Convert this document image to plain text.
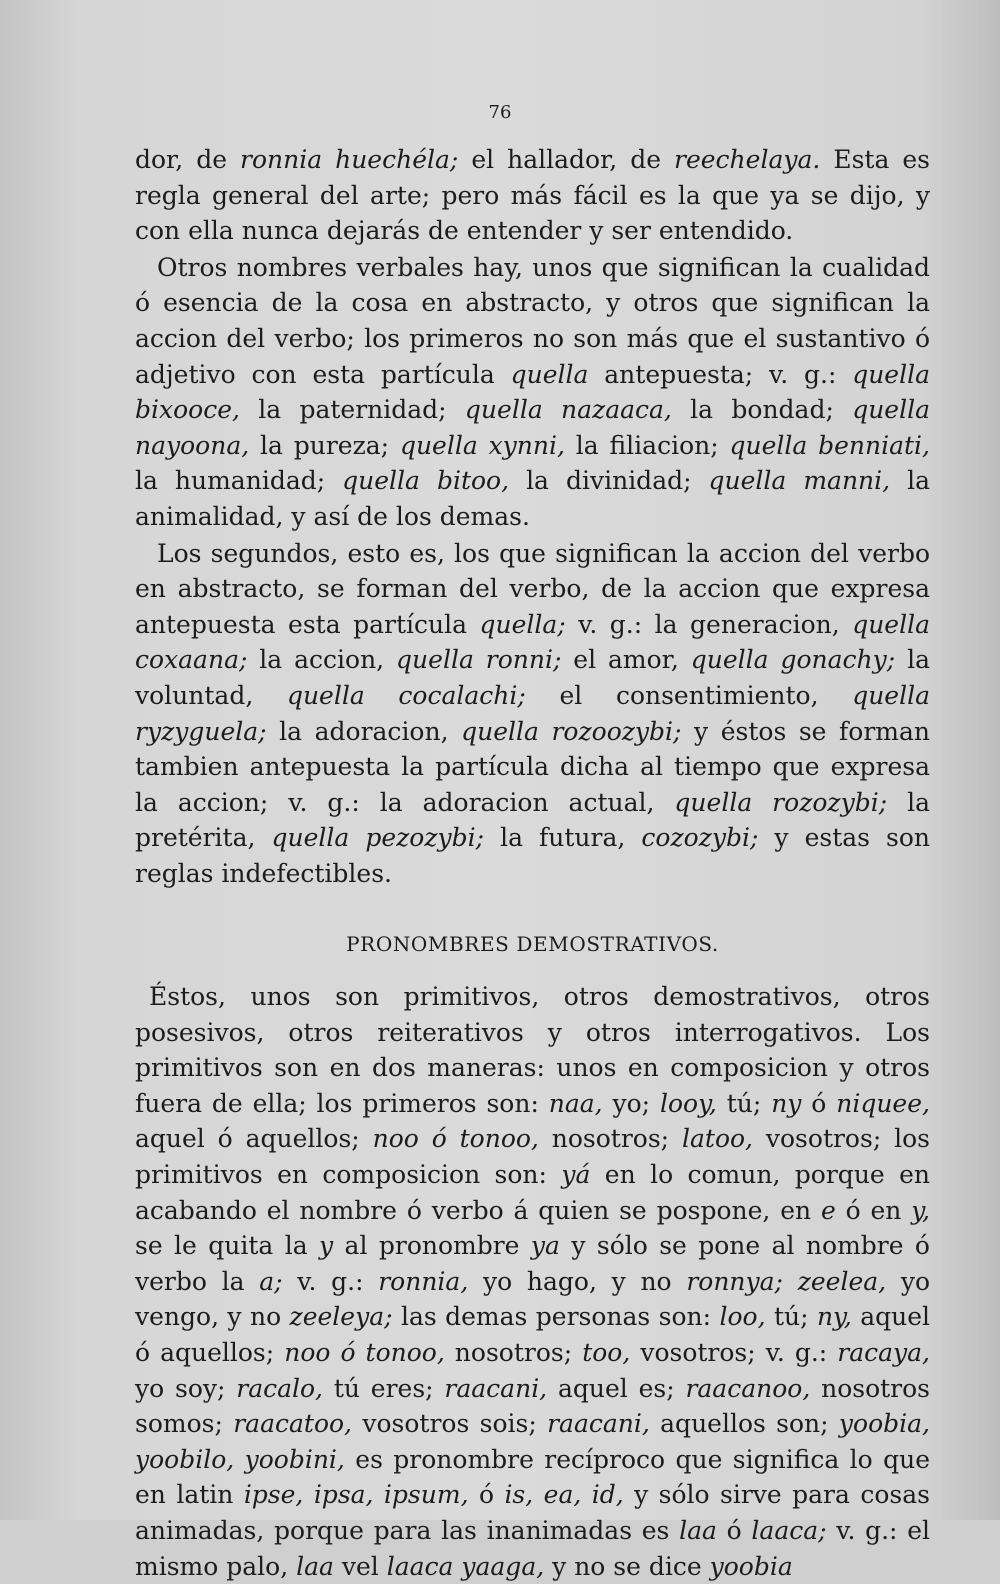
76

dor, de ronnia huechéla; el hallador, de reechelaya. Esta es regla general del arte; pero más fácil es la que ya se dijo, y con ella nunca dejarás de entender y ser entendido.

Otros nombres verbales hay, unos que significan la cualidad ó esencia de la cosa en abstracto, y otros que significan la accion del verbo; los primeros no son más que el sustantivo ó adjetivo con esta partícula quella antepuesta; v. g.: quella bixooce, la paternidad; quella nazaaca, la bondad; quella nayoona, la pureza; quella xynni, la filiacion; quella benniati, la humanidad; quella bitoo, la divinidad; quella manni, la animalidad, y así de los demas.

Los segundos, esto es, los que significan la accion del verbo en abstracto, se forman del verbo, de la accion que expresa antepuesta esta partícula quella; v. g.: la generacion, quella coxaana; la accion, quella ronni; el amor, quella gonachy; la voluntad, quella cocalachi; el consentimiento, quella ryzyguela; la adoracion, quella rozoozybi; y éstos se forman tambien antepuesta la partícula dicha al tiempo que expresa la accion; v. g.: la adoracion actual, quella rozozybi; la pretérita, quella pezozybi; la futura, cozozybi; y estas son reglas indefectibles.

PRONOMBRES DEMOSTRATIVOS.

Éstos, unos son primitivos, otros demostrativos, otros posesivos, otros reiterativos y otros interrogativos. Los primitivos son en dos maneras: unos en composicion y otros fuera de ella; los primeros son: naa, yo; looy, tú; ny ó niquee, aquel ó aquellos; noo ó tonoo, nosotros; latoo, vosotros; los primitivos en composicion son: yá en lo comun, porque en acabando el nombre ó verbo á quien se pospone, en e ó en y, se le quita la y al pronombre ya y sólo se pone al nombre ó verbo la a; v. g.: ronnia, yo hago, y no ronnya; zeelea, yo vengo, y no zeeleya; las demas personas son: loo, tú; ny, aquel ó aquellos; noo ó tonoo, nosotros; too, vosotros; v. g.: racaya, yo soy; racalo, tú eres; raacani, aquel es; raacanoo, nosotros somos; raacatoo, vosotros sois; raacani, aquellos son; yoobia, yoobilo, yoobini, es pronombre recíproco que significa lo que en latin ipse, ipsa, ipsum, ó is, ea, id, y sólo sirve para cosas animadas, porque para las inanimadas es laa ó laaca; v. g.: el mismo palo, laa vel laaca yaaga, y no se dice yoobia
